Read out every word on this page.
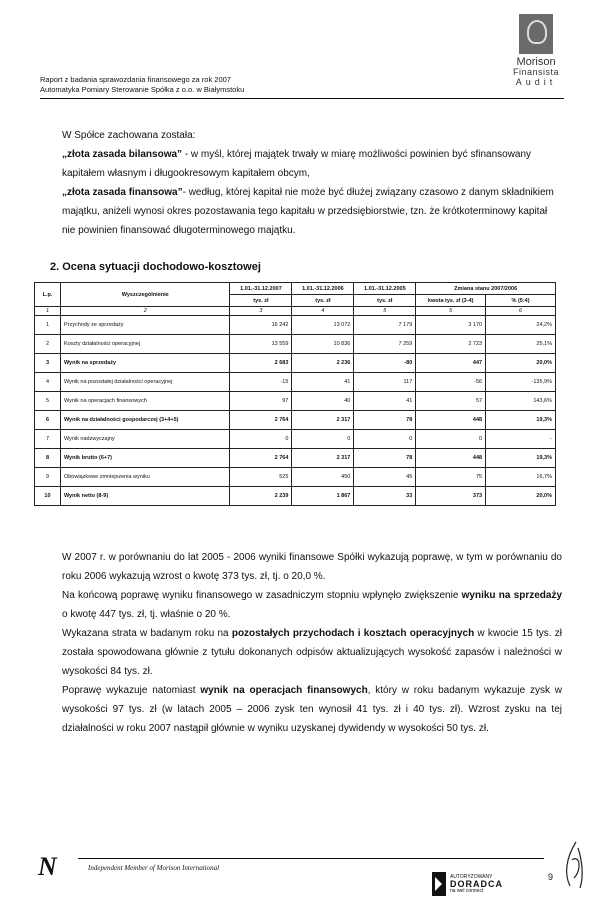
Raport z badania sprawozdania finansowego za rok 2007
Automatyka Pomiary Sterowanie Spółka z o.o. w Białymstoku
Morison
Finansista
Audit

W Spółce zachowana została:

„złota zasada bilansowa” - w myśl, której majątek trwały w miarę możliwości powinien być sfinansowany kapitałem własnym i długookresowym kapitałem obcym,

„złota zasada finansowa”- według, której kapitał nie może być dłużej związany czasowo z danym składnikiem majątku, aniżeli wynosi okres pozostawania tego kapitału w przedsiębiorstwie, tzn. że krótkoterminowy kapitał nie powinien finansować długoterminowego majątku.

2. Ocena sytuacji dochodowo-kosztowej
L.p.	Wyszczególnienie	1.01.-31.12.2007	1.01.-31.12.2006	1.01.-31.12.2005	Zmiana stanu 2007/2006	
		tys. zł	tys. zł	tys. zł	kwota tys. zł (3-4)	% (5:4)
1	2	3	4	5	5	6
1	Przychody ze sprzedaży	16 242	13 072	7 179	3 170	24,2%
2	Koszty działalności operacyjnej	13 559	10 836	7 259	2 723	25,1%
3	Wynik na sprzedaży	2 683	2 236	-80	447	20,0%
4	Wynik na pozostałej działalności operacyjnej	-15	41	117	-56	-135,9%
5	Wynik na operacjach finansowych	97	40	41	57	143,6%
6	Wynik na działalności gospodarczej (3+4+5)	2 764	2 317	78	448	19,3%
7	Wynik nadzwyczajny	0	0	0	0	-
8	Wynik brutto (6+7)	2 764	2 317	78	448	19,3%
9	Obowiązkowe zmniejszenia wyniku	525	450	45	75	16,7%
10	Wynik netto (8-9)	2 239	1 867	33	373	20,0%

W 2007 r. w porównaniu do lat 2005 - 2006 wyniki finansowe Spółki wykazują poprawę, w tym w porównaniu do roku 2006 wykazują wzrost o kwotę 373 tys. zł, tj. o 20,0 %.

Na końcową poprawę wyniku finansowego w zasadniczym stopniu wpłynęło zwiększenie wyniku na sprzedaży o kwotę 447 tys. zł, tj. właśnie o 20 %.

Wykazana strata w badanym roku na pozostałych przychodach i kosztach operacyjnych w kwocie 15 tys. zł została spowodowana głównie z tytułu dokonanych odpisów aktualizujących wysokość zapasów i należności w wysokości 84 tys. zł.

Poprawę wykazuje natomiast wynik na operacjach finansowych, który w roku badanym wykazuje zysk w wysokości 97 tys. zł (w latach 2005 – 2006 zysk ten wynosił 41 tys. zł i 40 tys. zł). Wzrost zysku na tej działalności w roku 2007 nastąpił głównie w wyniku uzyskanej dywidendy w wysokości 50 tys. zł.

N	Independent Member of Morison International
AUTORYZOWANY
DORADCA
na wel connect
9
